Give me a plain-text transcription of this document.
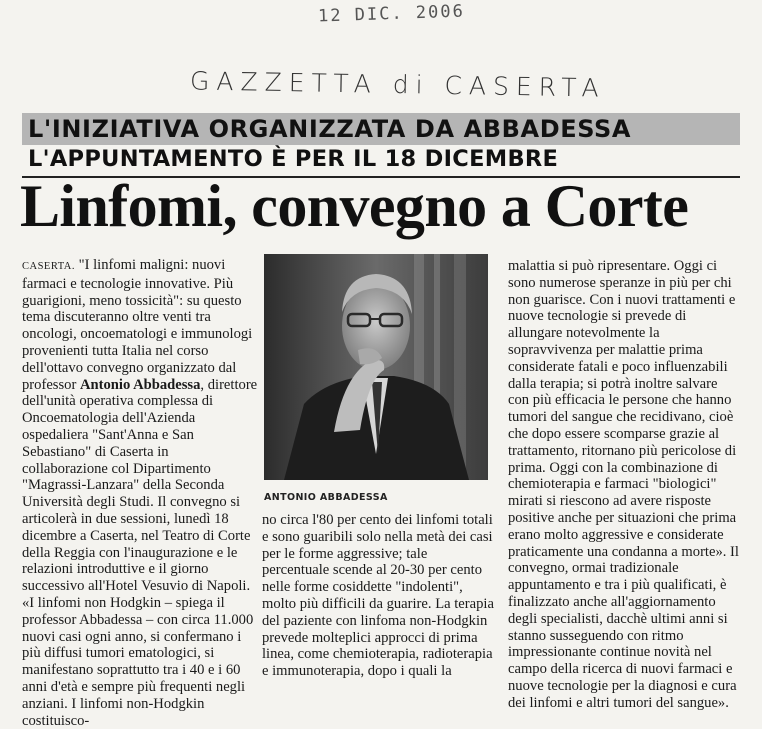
12 DIC. 2006
GAZZETTA di CASERTA
L'INIZIATIVA ORGANIZZATA DA ABBADESSA
L'APPUNTAMENTO È PER IL 18 DICEMBRE
Linfomi, convegno a Corte

CASERTA. "I linfomi maligni: nuovi farmaci e tecnologie innovative. Più guarigioni, meno tossicità": su questo tema discuteranno oltre venti tra oncologi, oncoematologi e immunologi provenienti tutta Italia nel corso dell'ottavo convegno organizzato dal professor Antonio Abbadessa, direttore dell'unità operativa complessa di Oncoematologia dell'Azienda ospedaliera "Sant'Anna e San Sebastiano" di Caserta in collaborazione col Dipartimento "Magrassi-Lanzara" della Seconda Università degli Studi. Il convegno si articolerà in due sessioni, lunedì 18 dicembre a Caserta, nel Teatro di Corte della Reggia con l'inaugurazione e le relazioni introduttive e il giorno successivo all'Hotel Vesuvio di Napoli.

«I linfomi non Hodgkin – spiega il professor Abbadessa – con circa 11.000 nuovi casi ogni anno, si confermano i più diffusi tumori ematologici, si manifestano soprattutto tra i 40 e i 60 anni d'età e sempre più frequenti negli anziani. I linfomi non-Hodgkin costituisco-

ANTONIO ABBADESSA
no circa l'80 per cento dei linfomi totali e sono guaribili solo nella metà dei casi per le forme aggressive; tale percentuale scende al 20-30 per cento nelle forme cosiddette "indolenti", molto più difficili da guarire. La terapia del paziente con linfoma non-Hodgkin prevede molteplici approcci di prima linea, come chemioterapia, radioterapia e immunoterapia, dopo i quali la
malattia si può ripresentare. Oggi ci sono numerose speranze in più per chi non guarisce. Con i nuovi trattamenti e nuove tecnologie si prevede di allungare notevolmente la sopravvivenza per malattie prima considerate fatali e poco influenzabili dalla terapia; si potrà inoltre salvare con più efficacia le persone che hanno tumori del sangue che recidivano, cioè che dopo essere scomparse grazie al trattamento, ritornano più pericolose di prima. Oggi con la combinazione di chemioterapia e farmaci "biologici" mirati si riescono ad avere risposte positive anche per situazioni che prima erano molto aggressive e considerate praticamente una condanna a morte». Il convegno, ormai tradizionale appuntamento e tra i più qualificati, è finalizzato anche all'aggiornamento degli specialisti, dacchè ultimi anni si stanno susseguendo con ritmo impressionante continue novità nel campo della ricerca di nuovi farmaci e nuove tecnologie per la diagnosi e cura dei linfomi e altri tumori del sangue».
